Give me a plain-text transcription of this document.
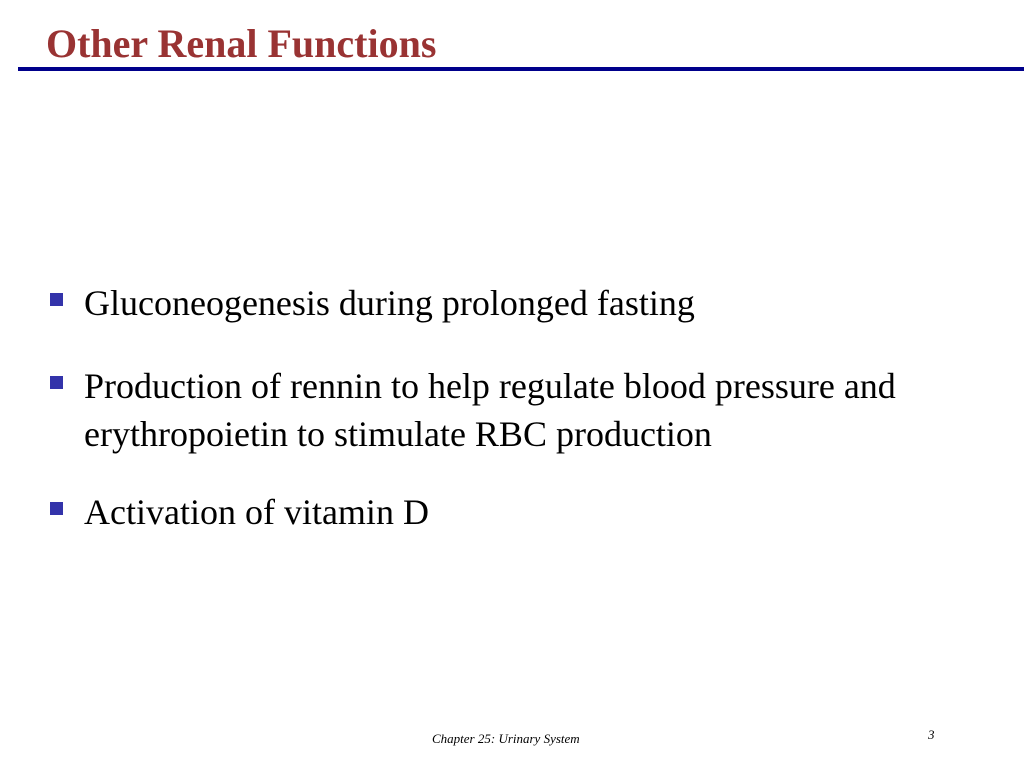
Other Renal Functions
Gluconeogenesis during prolonged fasting
Production of rennin to help regulate blood pressure and erythropoietin to stimulate RBC production
Activation of vitamin D
Chapter 25: Urinary System	3
